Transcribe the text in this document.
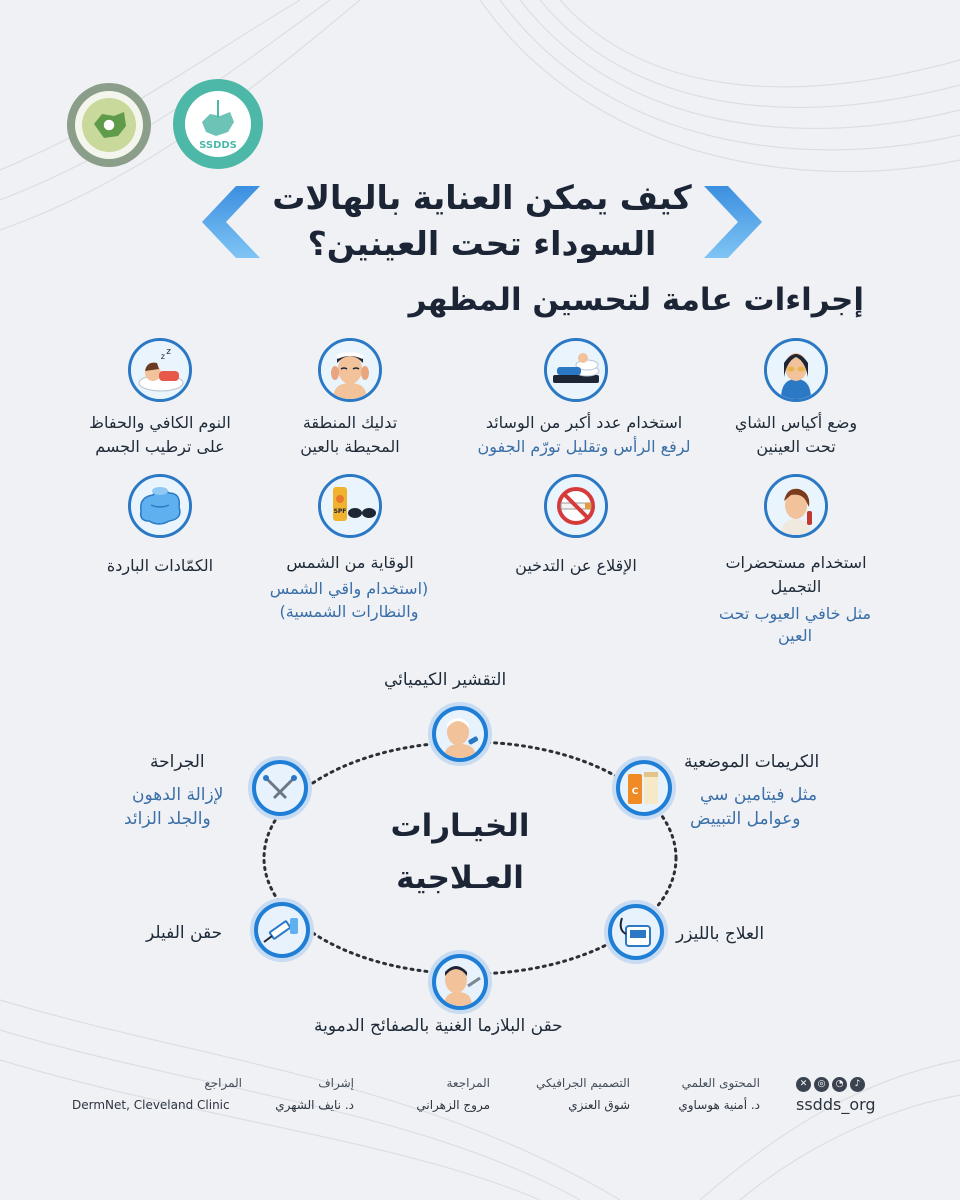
SSDDS
كيف يمكن العناية بالهالات
السوداء تحت العينين؟
إجراءات عامة لتحسين المظهر
وضع أكياس الشاي
تحت العينين
استخدام عدد أكبر من الوسائد
لرفع الرأس وتقليل تورّم الجفون
تدليك المنطقة
المحيطة بالعين
z z
النوم الكافي والحفاظ
على ترطيب الجسم
استخدام مستحضرات
التجميل
مثل خافي العيوب تحت
العين
الإقلاع عن التدخين
SPF
الوقاية من الشمس
(استخدام واقي الشمس
والنظارات الشمسية)
الكمّادات الباردة
الخيـارات
العـلاجية
التقشير الكيميائي
C
الكريمات الموضعية
مثل فيتامين سي
وعوامل التبييض
العلاج بالليزر
حقن البلازما الغنية بالصفائح الدموية
حقن الفيلر
الجراحة
لإزالة الدهون
والجلد الزائد
المحتوى العلمي
د. أمنية هوساوي
التصميم الجرافيكي
شوق العنزي
المراجعة
مروج الزهراني
إشراف
د. نايف الشهري
المراجع
DermNet, Cleveland Clinic
♪
◔
◎
✕
ssdds_org
